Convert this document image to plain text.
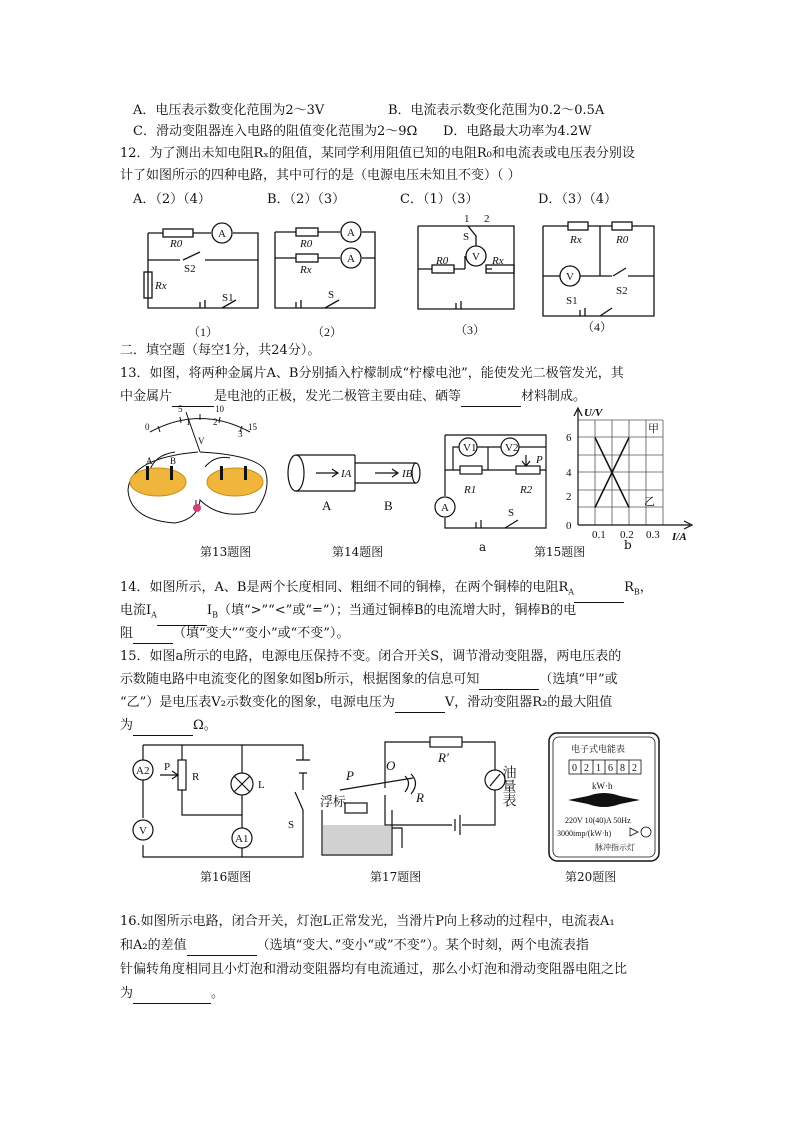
A．电压表示数变化范围为2～3V	B．电流表示数变化范围为0.2～0.5A
C．滑动变阻器连入电路的阻值变化范围为2～9Ω D．电路最大功率为4.2W
12．为了测出未知电阻Rₓ的阻值，某同学利用阻值已知的电阻R₀和电流表或电压表分别设
计了如图所示的四种电路，其中可行的是（电源电压未知且不变）（ ）
A．（2）（4）	B．（2）（3）	C．（1）（3）	D．（3）（4）
R0
A
S2
Rx
S1
R0
A
Rx
A
S
1 2
S
V
R0	Rx
Rx	R0
V
S2
S1
（1）	（2）	（3）	（4）
二．填空题（每空1分，共24分）。
13．如图，将两种金属片A、B分别插入柠檬制成“柠檬电池”，能使发光二极管发光，其
中金属片	是电池的正极，发光二极管主要由硅、硒等	材料制成。
0
5	10
15
1	2
3
V
A B
IA	IB
A	B
V1	V2
P
R1	R2
A	S
U/V
I/A
6
4
2
0
0.1 0.2 0.3
甲
乙
第13题图	第14题图	a	第15题图	b
14．如图所示，A、B是两个长度相同、粗细不同的铜棒，在两个铜棒的电阻$R_A$	$R_B$，
电流$I_A$	$I_B$（填“>”“<”或“=”）；当通过铜棒B的电流增大时，铜棒B的电
阻	（填“变大”“变小”或“不变”）。
15．如图a所示的电路，电源电压保持不变。闭合开关S，调节滑动变阻器，两电压表的
示数随电路中电流变化的图象如图b所示，根据图象的信息可知	（选填“甲”或
“乙”）是电压表V₂示数变化的图象，电源电压为	V，滑动变阻器R₂的最大阻值
为	Ω。
A2
V
P
R
L
A1
S
R′
O
P
R
浮标	油量表
电子式电能表
0 2 1 6 8 2
kW·h
220V 10(40)A 50Hz
3000imp/(kW·h)
脉冲指示灯
第16题图	第17题图	第20题图
16.如图所示电路，闭合开关，灯泡L正常发光，当滑片P向上移动的过程中，电流表A₁
和A₂的差值	（选填“变大、”变小“或”不变”）。某个时刻，两个电流表指
针偏转角度相同且小灯泡和滑动变阻器均有电流通过，那么小灯泡和滑动变阻器电阻之比
为	。
